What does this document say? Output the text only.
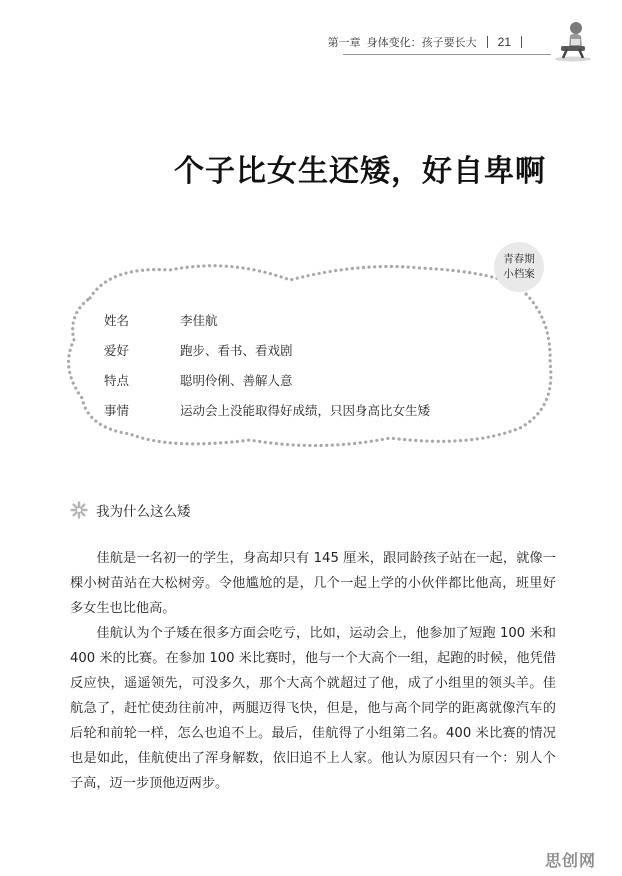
第一章 身体变化：孩子要长大 21
个子比女生还矮，好自卑啊
青春期
小档案
姓名	李佳航
爱好	跑步、看书、看戏剧
特点	聪明伶俐、善解人意
事情	运动会上没能取得好成绩，只因身高比女生矮
我为什么这么矮

佳航是一名初一的学生，身高却只有 145 厘米，跟同龄孩子站在一起，就像一棵小树苗站在大松树旁。令他尴尬的是，几个一起上学的小伙伴都比他高，班里好多女生也比他高。

佳航认为个子矮在很多方面会吃亏，比如，运动会上，他参加了短跑 100 米和 400 米的比赛。在参加 100 米比赛时，他与一个大高个一组，起跑的时候，他凭借反应快，遥遥领先，可没多久，那个大高个就超过了他，成了小组里的领头羊。佳航急了，赶忙使劲往前冲，两腿迈得飞快，但是，他与高个同学的距离就像汽车的后轮和前轮一样，怎么也追不上。最后，佳航得了小组第二名。400 米比赛的情况也是如此，佳航使出了浑身解数，依旧追不上人家。他认为原因只有一个：别人个子高，迈一步顶他迈两步。

思创网
